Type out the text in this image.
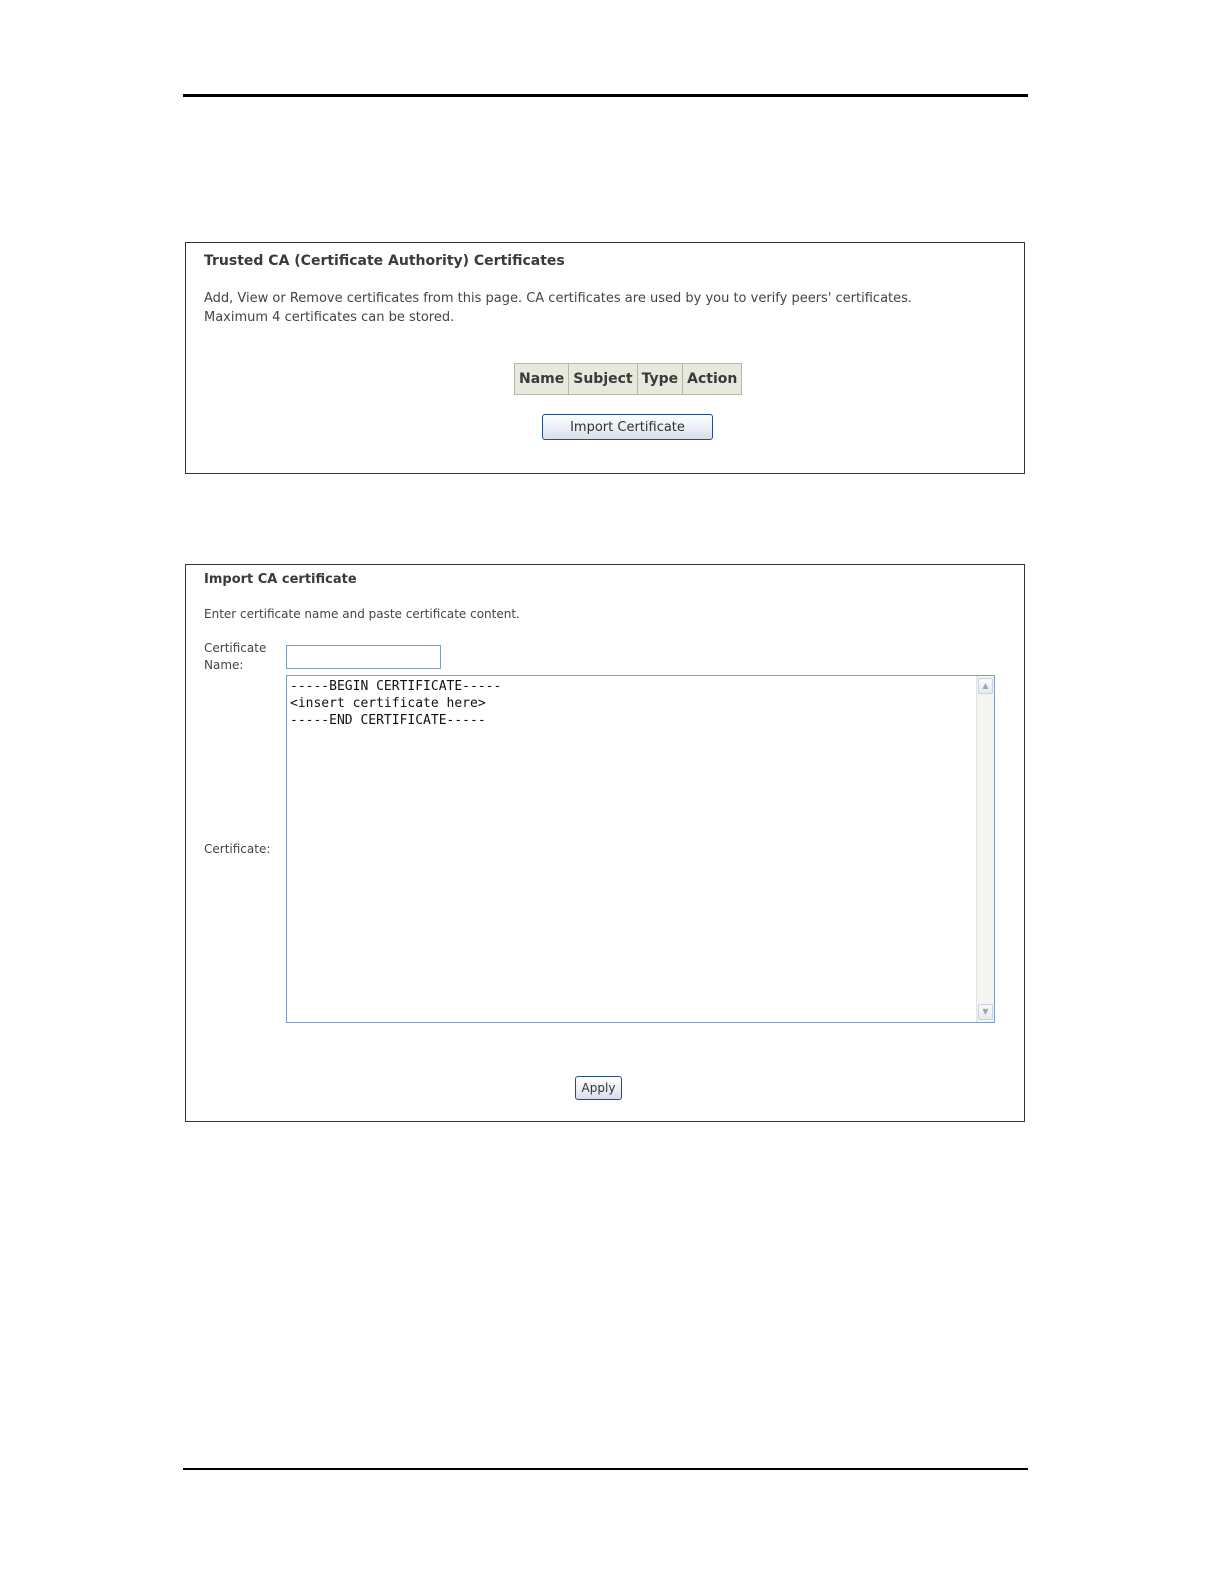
Trusted CA (Certificate Authority) Certificates
Add, View or Remove certificates from this page. CA certificates are used by you to verify peers' certificates.
Maximum 4 certificates can be stored.
Name	Subject	Type	Action
Import Certificate
Import CA certificate
Enter certificate name and paste certificate content.
Certificate Name:
Certificate:
-----BEGIN CERTIFICATE----- <insert certificate here> -----END CERTIFICATE-----
▲
▼
Apply
